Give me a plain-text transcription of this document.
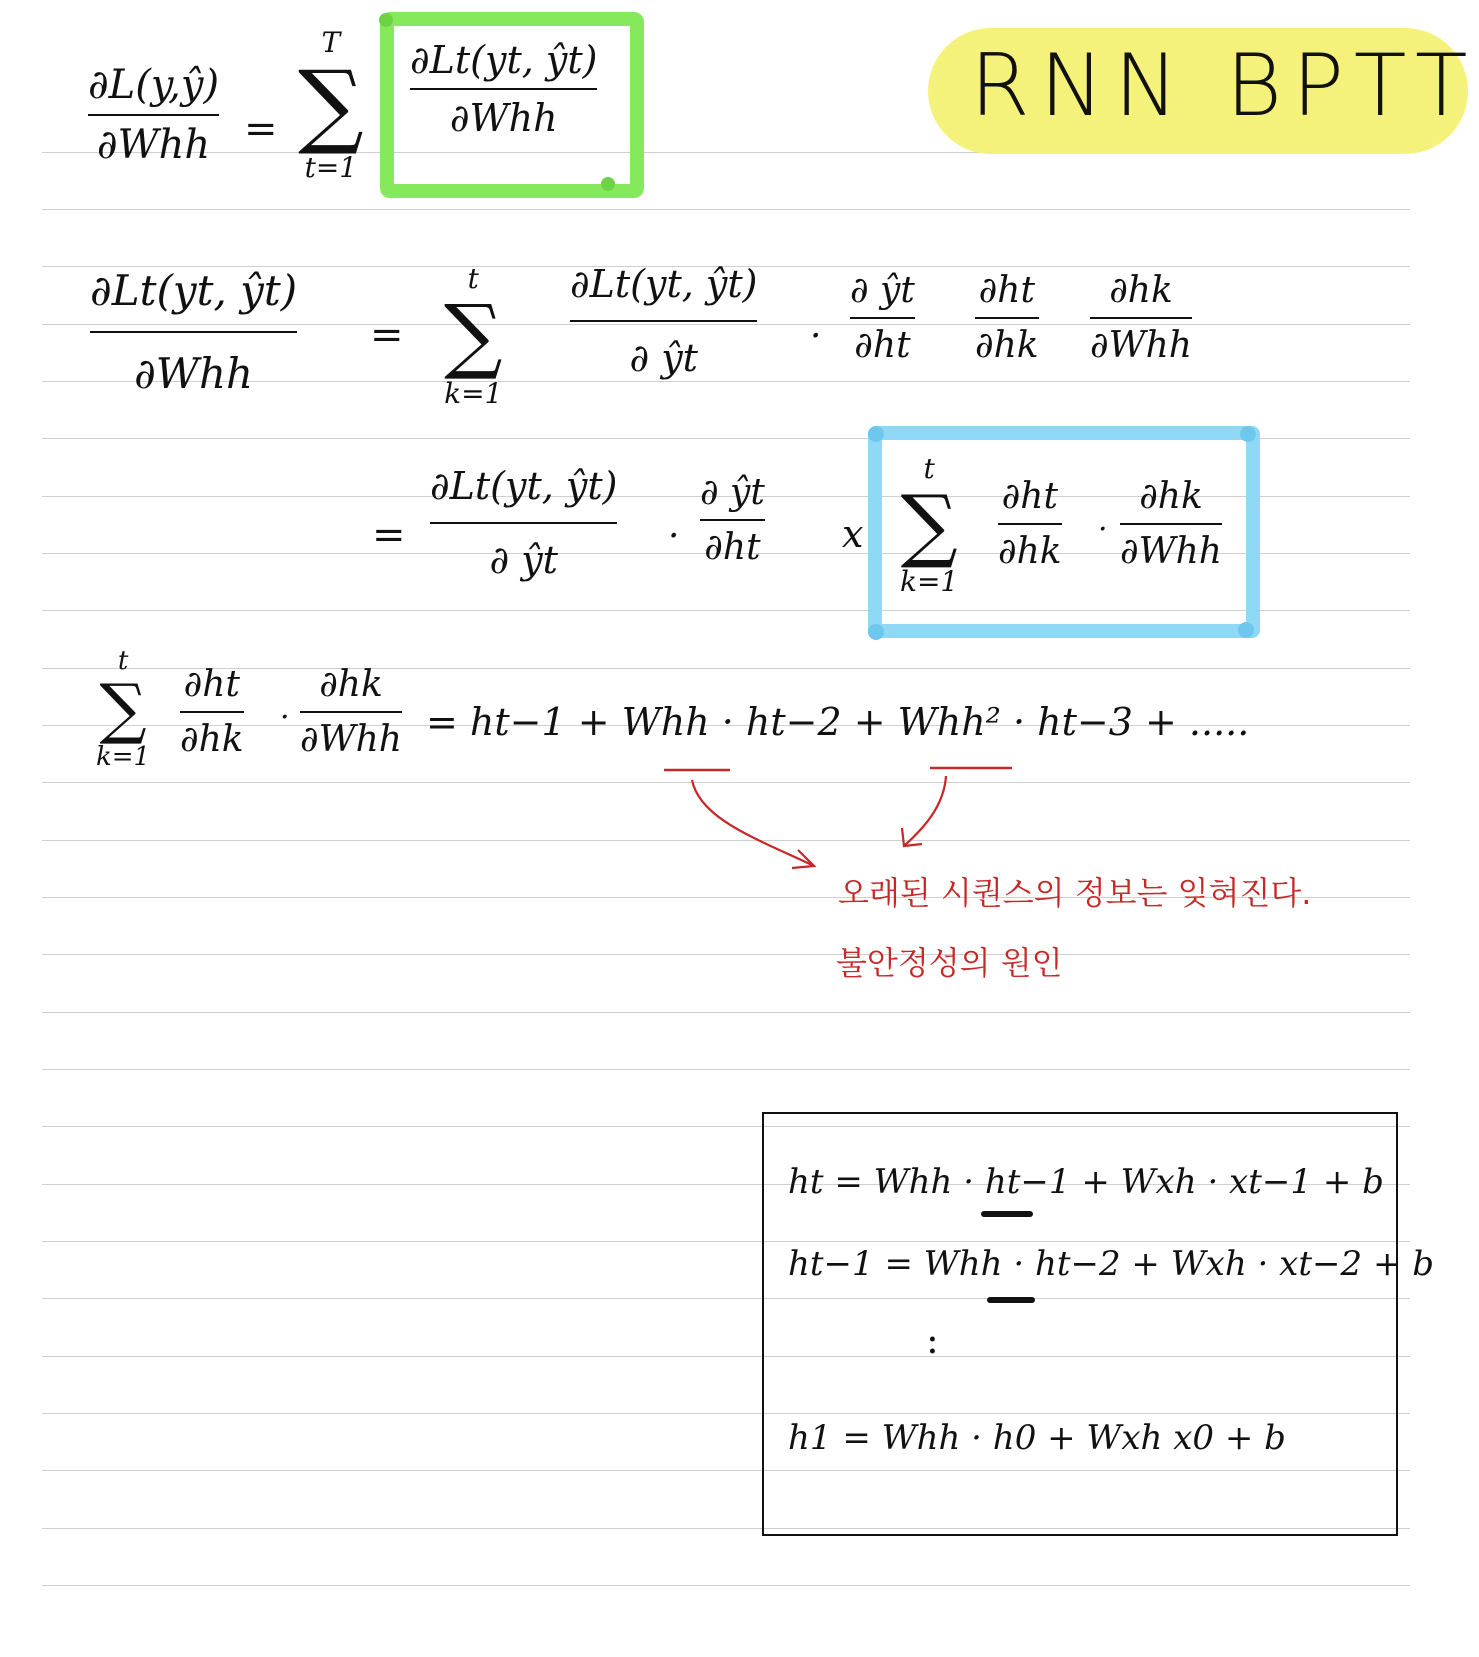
RNN BPTT
∂L(y,ŷ)
∂Whh =
T
∑
t=1
∂Lt(yt, ŷt)
∂Whh
∂Lt(yt, ŷt)
∂Whh
=
t
∑
k=1
∂Lt(yt, ŷt)
∂ ŷt	·
∂ ŷt
∂ht
∂ht
∂hk
∂hk
∂Whh
=
∂Lt(yt, ŷt)
∂ ŷt
·
∂ ŷt
∂ht x
t
∑
k=1
∂ht
∂hk
·
∂hk
∂Whh
t
∑
k=1
∂ht
∂hk
·
∂hk
∂Whh = ht−1 + Whh · ht−2 + Whh² · ht−3 + .....
오래된 시퀀스의 정보는 잊혀진다.
불안정성의 원인
ht = Whh · ht−1 + Wxh · xt−1 + b
ht−1 = Whh · ht−2 + Wxh · xt−2 + b
:
h1 = Whh · h0 + Wxh x0 + b
